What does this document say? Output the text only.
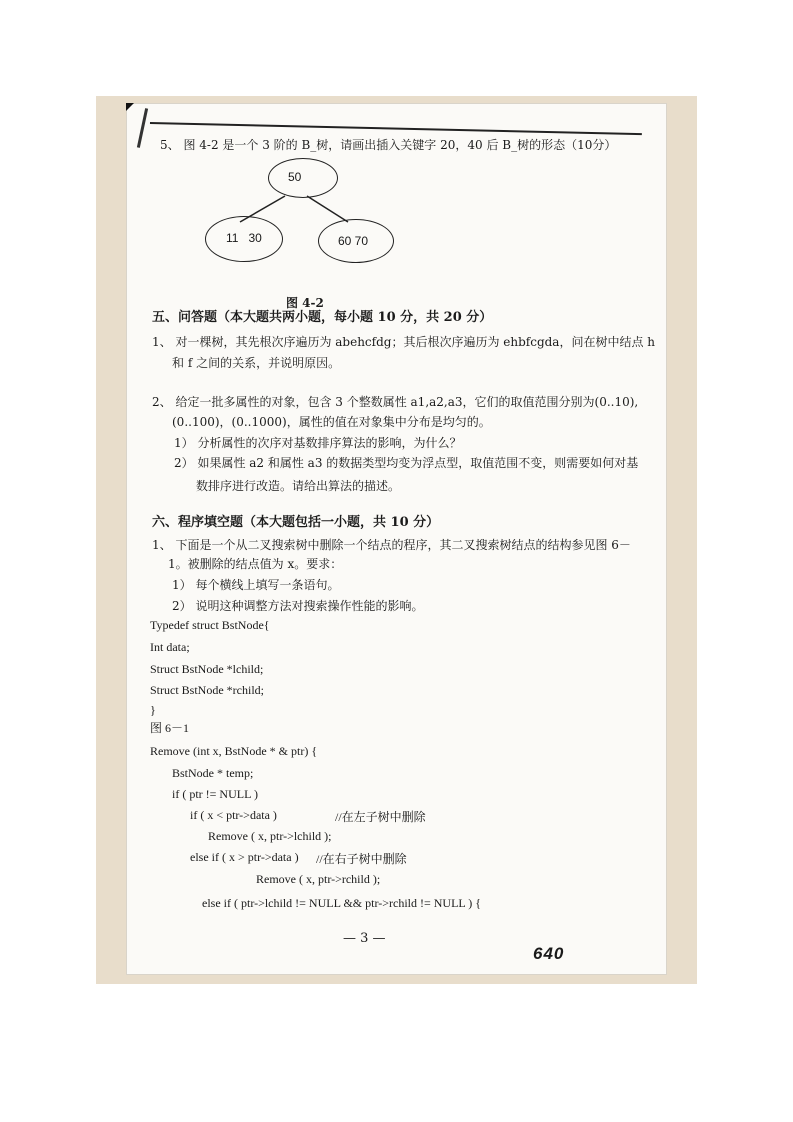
5、 图 4-2 是一个 3 阶的 B_树，请画出插入关键字 20，40 后 B_树的形态（10分）
50
11   30	60 70
图 4-2
五、问答题（本大题共两小题，每小题 10 分，共 20 分）
1、 对一棵树，其先根次序遍历为 abehcfdg；其后根次序遍历为 ehbfcgda，问在树中结点 h
和 f 之间的关系，并说明原因。
2、 给定一批多属性的对象，包含 3 个整数属性 a1,a2,a3，它们的取值范围分别为(0..10),
(0..100)，(0..1000)，属性的值在对象集中分布是均匀的。
1） 分析属性的次序对基数排序算法的影响，为什么？
2） 如果属性 a2 和属性 a3 的数据类型均变为浮点型，取值范围不变，则需要如何对基
数排序进行改造。请给出算法的描述。
六、程序填空题（本大题包括一小题，共 10 分）
1、 下面是一个从二叉搜索树中删除一个结点的程序，其二叉搜索树结点的结构参见图 6－
1。被删除的结点值为 x。要求：
1） 每个横线上填写一条语句。
2） 说明这种调整方法对搜索操作性能的影响。
Typedef struct BstNode{
Int data;
Struct BstNode *lchild;
Struct BstNode *rchild;
}
图 6－1
Remove (int x, BstNode * & ptr) {
BstNode * temp;
if ( ptr != NULL )
if ( x < ptr->data )	//在左子树中删除
Remove ( x, ptr->lchild );
else if ( x > ptr->data ) //在右子树中删除
Remove ( x, ptr->rchild );
else if ( ptr->lchild != NULL && ptr->rchild != NULL ) {
— 3 —
640
